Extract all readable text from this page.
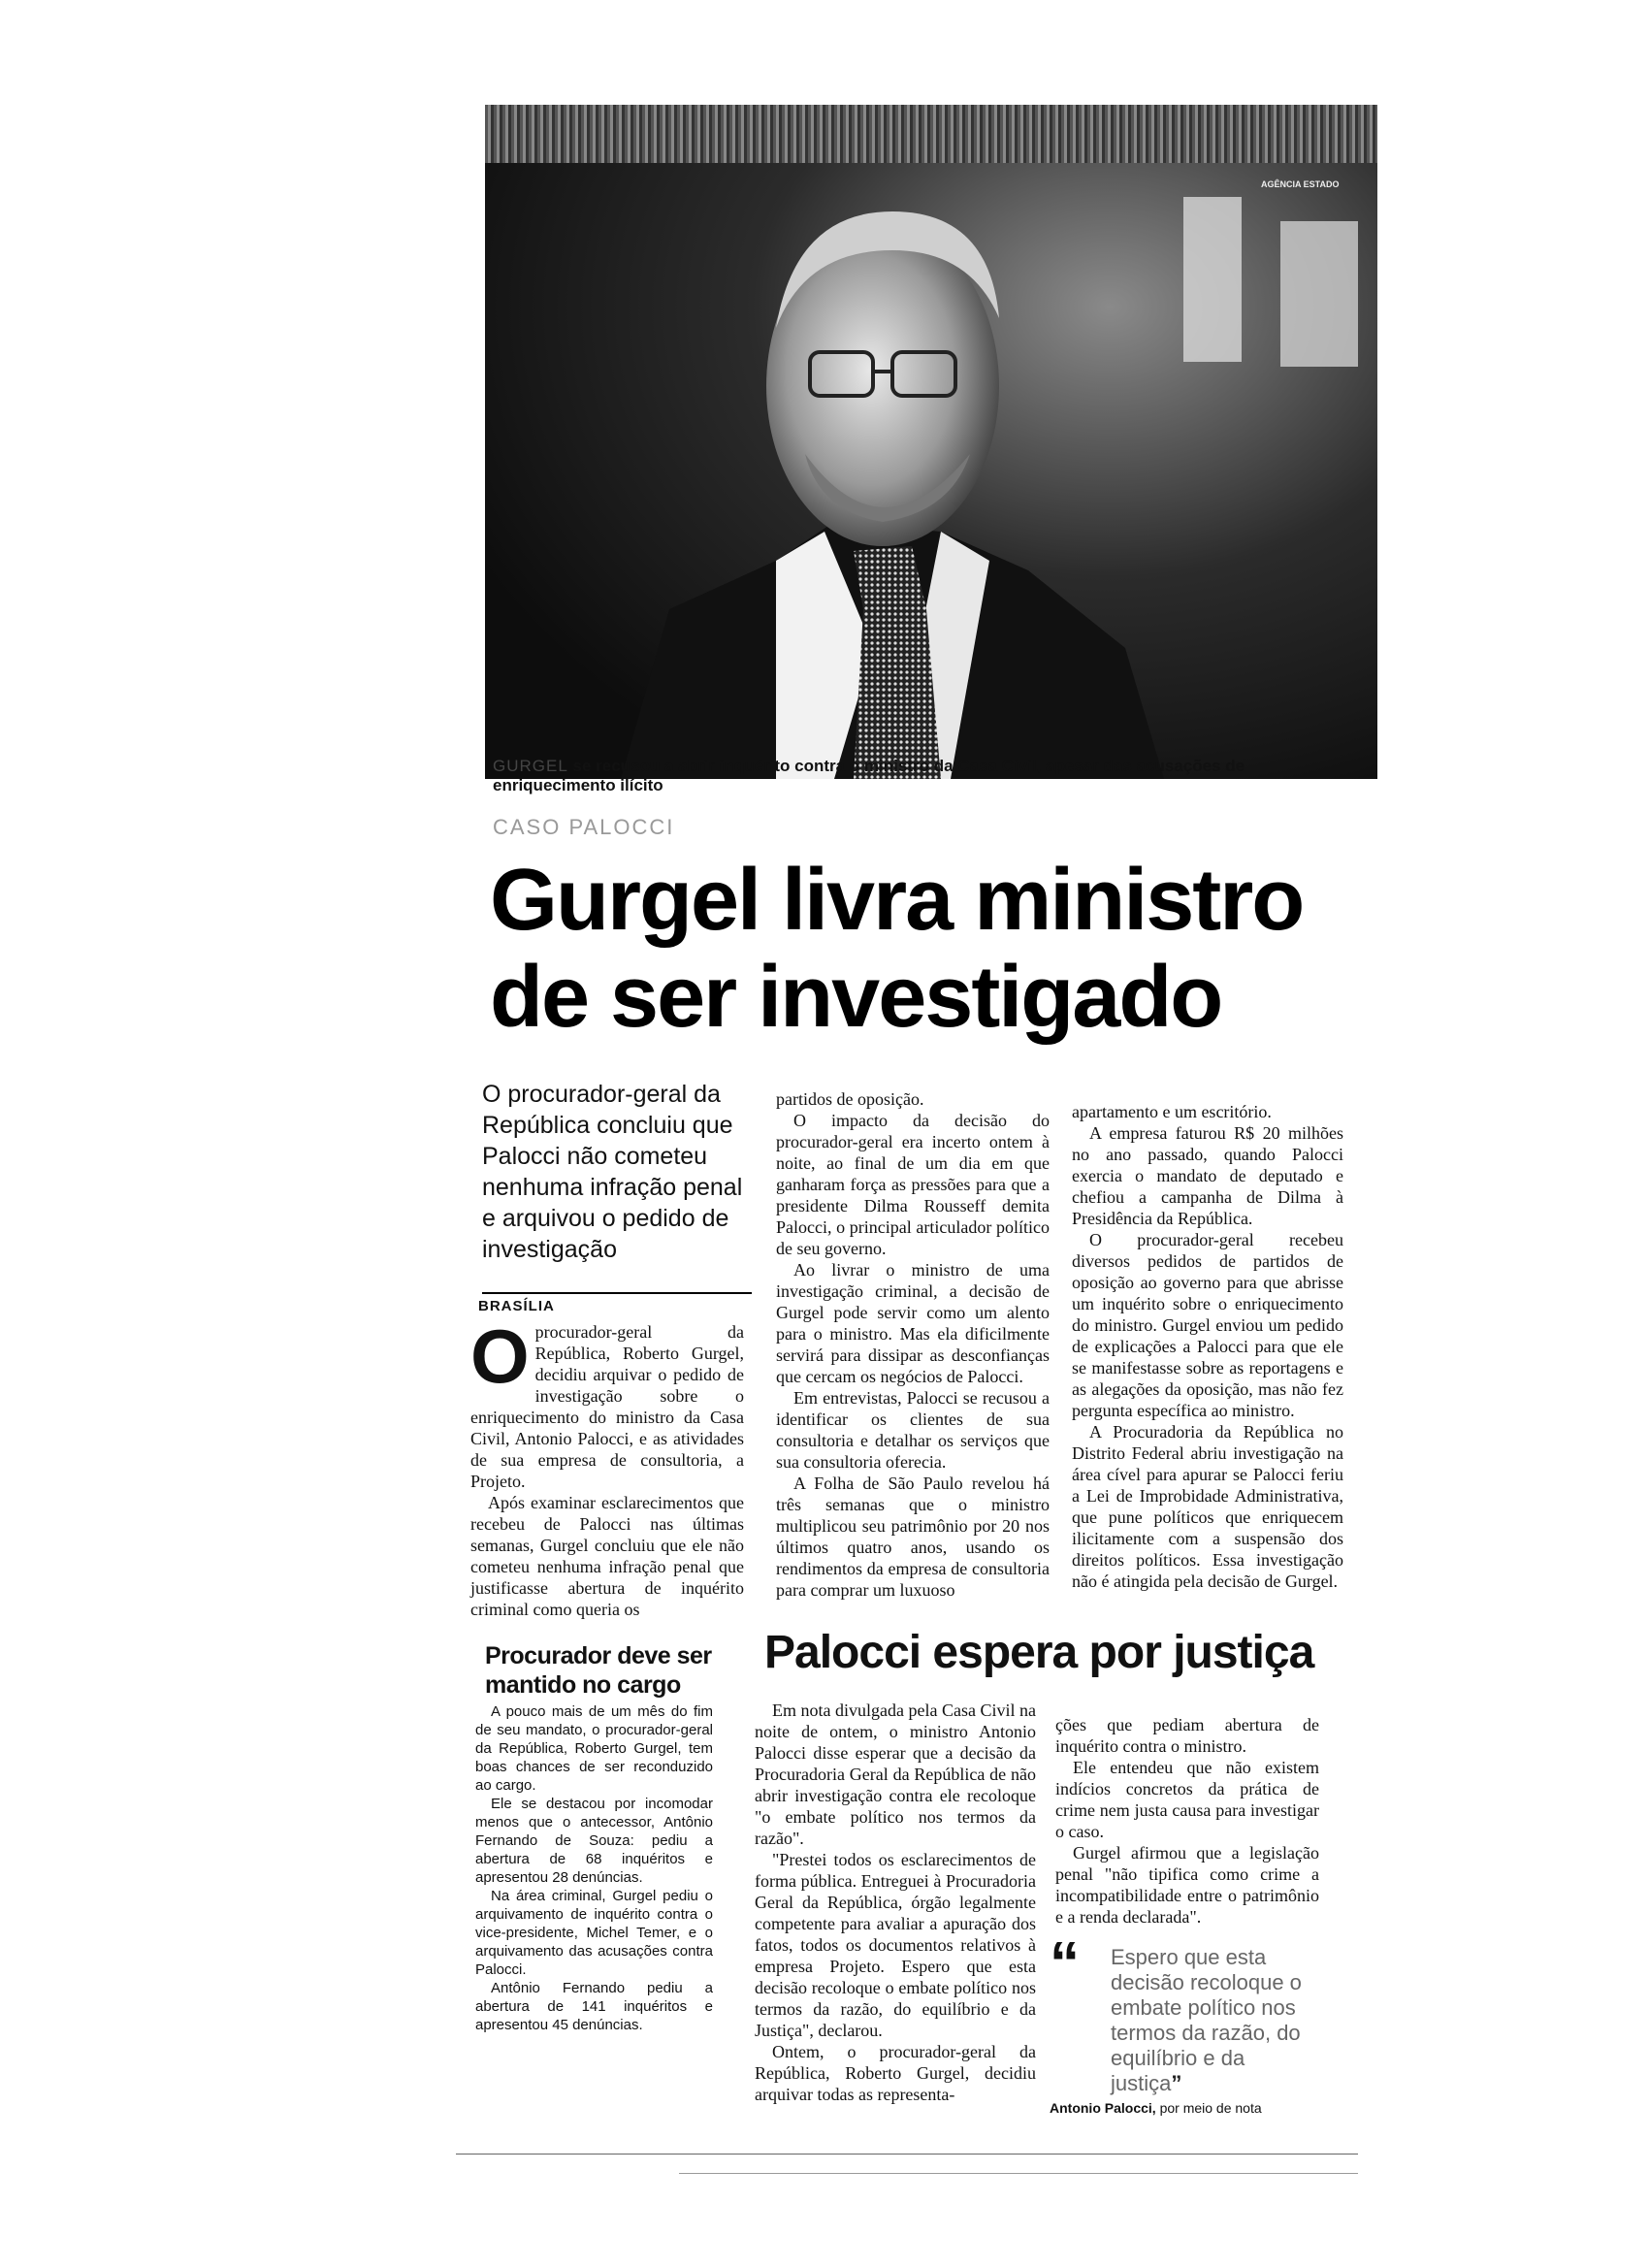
AGÊNCIA ESTADO
GURGEL se recusou a abrir inquérito contra o ministro da Casa Civil, apesar das acusações de enriquecimento ilícito
CASO PALOCCI
Gurgel livra ministro de ser investigado
O procurador-geral da República concluiu que Palocci não cometeu nenhuma infração penal e arquivou o pedido de investigação
BRASÍLIA

Oprocurador-geral da República, Roberto Gurgel, decidiu arquivar o pedido de investigação sobre o enriquecimento do ministro da Casa Civil, Antonio Palocci, e as atividades de sua empresa de consultoria, a Projeto.

Após examinar esclarecimentos que recebeu de Palocci nas últimas semanas, Gurgel concluiu que ele não cometeu nenhuma infração penal que justificasse abertura de inquérito criminal como queria os

partidos de oposição.

O impacto da decisão do procurador-geral era incerto ontem à noite, ao final de um dia em que ganharam força as pressões para que a presidente Dilma Rousseff demita Palocci, o principal articulador político de seu governo.

Ao livrar o ministro de uma investigação criminal, a decisão de Gurgel pode servir como um alento para o ministro. Mas ela dificilmente servirá para dissipar as desconfianças que cercam os negócios de Palocci.

Em entrevistas, Palocci se recusou a identificar os clientes de sua consultoria e detalhar os serviços que sua consultoria oferecia.

A Folha de São Paulo revelou há três semanas que o ministro multiplicou seu patrimônio por 20 nos últimos quatro anos, usando os rendimentos da empresa de consultoria para comprar um luxuoso

apartamento e um escritório.

A empresa faturou R$ 20 milhões no ano passado, quando Palocci exercia o mandato de deputado e chefiou a campanha de Dilma à Presidência da República.

O procurador-geral recebeu diversos pedidos de partidos de oposição ao governo para que abrisse um inquérito sobre o enriquecimento do ministro. Gurgel enviou um pedido de explicações a Palocci para que ele se manifestasse sobre as reportagens e as alegações da oposição, mas não fez pergunta específica ao ministro.

A Procuradoria da República no Distrito Federal abriu investigação na área cível para apurar se Palocci feriu a Lei de Improbidade Administrativa, que pune políticos que enriquecem ilicitamente com a suspensão dos direitos políticos. Essa investigação não é atingida pela decisão de Gurgel.

Procurador deve ser mantido no cargo

A pouco mais de um mês do fim de seu mandato, o procurador-geral da República, Roberto Gurgel, tem boas chances de ser reconduzido ao cargo.

Ele se destacou por incomodar menos que o antecessor, Antônio Fernando de Souza: pediu a abertura de 68 inquéritos e apresentou 28 denúncias.

Na área criminal, Gurgel pediu o arquivamento de inquérito contra o vice-presidente, Michel Temer, e o arquivamento das acusações contra Palocci.

Antônio Fernando pediu a abertura de 141 inquéritos e apresentou 45 denúncias.

Palocci espera por justiça

Em nota divulgada pela Casa Civil na noite de ontem, o ministro Antonio Palocci disse esperar que a decisão da Procuradoria Geral da República de não abrir investigação contra ele recoloque "o embate político nos termos da razão".

"Prestei todos os esclarecimentos de forma pública. Entreguei à Procuradoria Geral da República, órgão legalmente competente para avaliar a apuração dos fatos, todos os documentos relativos à empresa Projeto. Espero que esta decisão recoloque o embate político nos termos da razão, do equilíbrio e da Justiça", declarou.

Ontem, o procurador-geral da República, Roberto Gurgel, decidiu arquivar todas as representa-

ções que pediam abertura de inquérito contra o ministro.

Ele entendeu que não existem indícios concretos da prática de crime nem justa causa para investigar o caso.

Gurgel afirmou que a legislação penal "não tipifica como crime a incompatibilidade entre o patrimônio e a renda declarada".

“ Espero que esta decisão recoloque o embate político nos termos da razão, do equilíbrio e da justiça”
Antonio Palocci, por meio de nota
